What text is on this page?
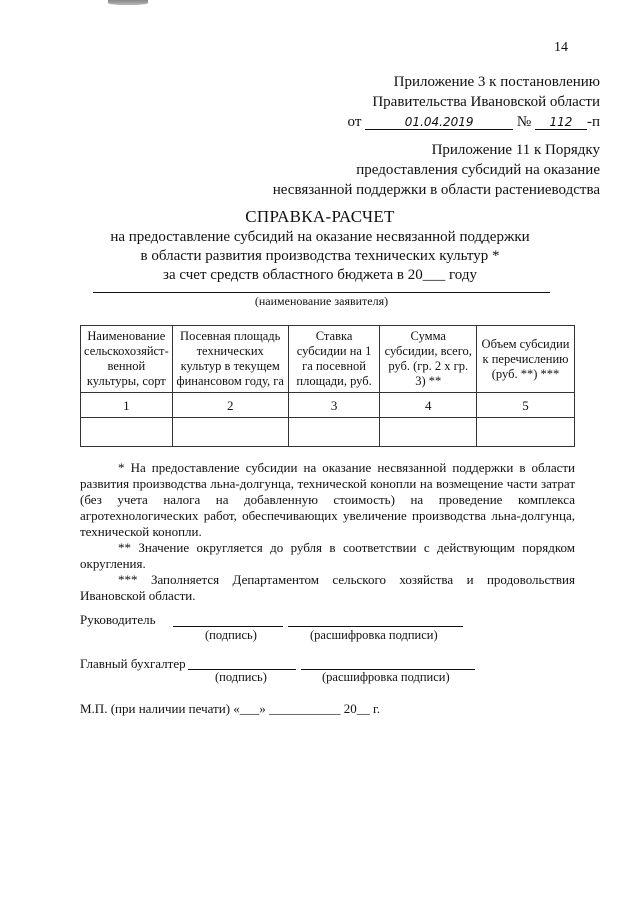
14
Приложение 3 к постановлению
Правительства Ивановской области
от	01.04.2019	№ 112 -п
Приложение 11 к Порядку
предоставления субсидий на оказание
несвязанной поддержки в области растениеводства
СПРАВКА-РАСЧЕТ
на предоставление субсидий на оказание несвязанной поддержки
в области развития производства технических культур *
за счет средств областного бюджета в 20___ году
(наименование заявителя)
Наименование сельскохозяйст-венной культуры, сорт	Посевная площадь технических культур в текущем финансовом году, га	Ставка субсидии на 1 га посевной площади, руб.	Сумма субсидии, всего, руб. (гр. 2 х гр. 3) **	Объем субсидии к перечислению (руб. **) ***
1	2	3	4	5

* На предоставление субсидии на оказание несвязанной поддержки в области развития производства льна-долгунца, технической конопли на возмещение части затрат (без учета налога на добавленную стоимость) на проведение комплекса агротехнологических работ, обеспечивающих увеличение производства льна-долгунца, технической конопли.

** Значение округляется до рубля в соответствии с действующим порядком округления.

*** Заполняется Департаментом сельского хозяйства и продовольствия Ивановской области.

Руководитель
(подпись)	(расшифровка подписи)
Главный бухгалтер
(подпись)	(расшифровка подписи)
М.П. (при наличии печати) «___» ___________ 20__ г.
